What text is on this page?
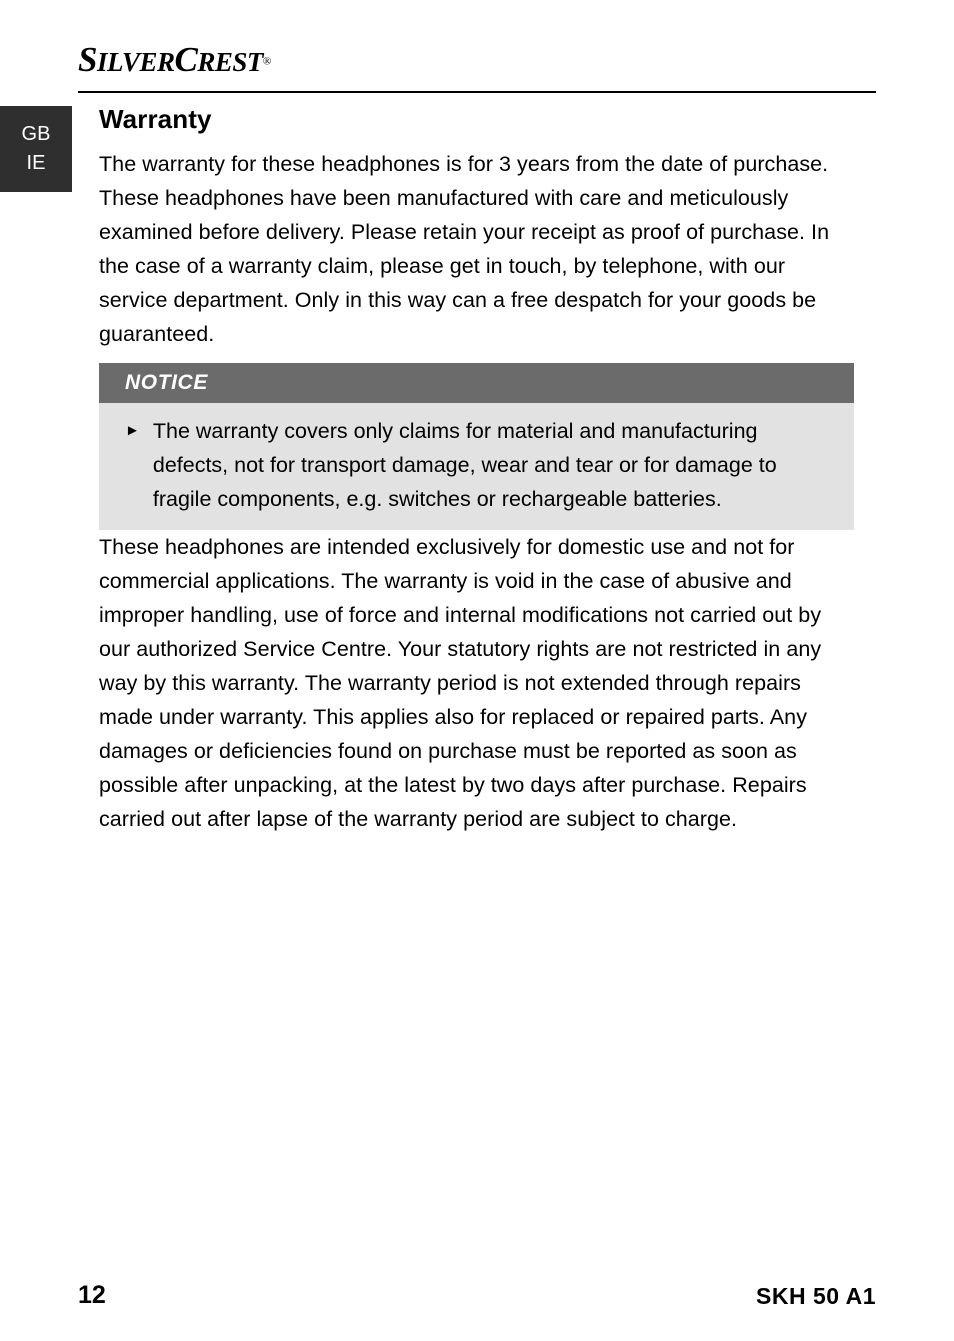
SILVERCREST®
GB
IE
Warranty

The warranty for these headphones is for 3 years from the date of purchase. These headphones have been manufactured with care and meticulously examined before delivery. Please retain your receipt as proof of purchase. In the case of a warranty claim, please get in touch, by telephone, with our service department. Only in this way can a free despatch for your goods be guaranteed.

NOTICE
► The warranty covers only claims for material and manufacturing defects, not for transport damage, wear and tear or for damage to fragile components, e.g. switches or rechargeable batteries.

These headphones are intended exclusively for domestic use and not for commercial applications. The warranty is void in the case of abusive and improper handling, use of force and internal modifications not carried out by our authorized Service Centre. Your statutory rights are not restricted in any way by this warranty. The warranty period is not extended through repairs made under warranty. This applies also for replaced or repaired parts. Any damages or deficiencies found on purchase must be reported as soon as possible after unpacking, at the latest by two days after purchase. Repairs carried out after lapse of the warranty period are subject to charge.

12	SKH 50 A1
